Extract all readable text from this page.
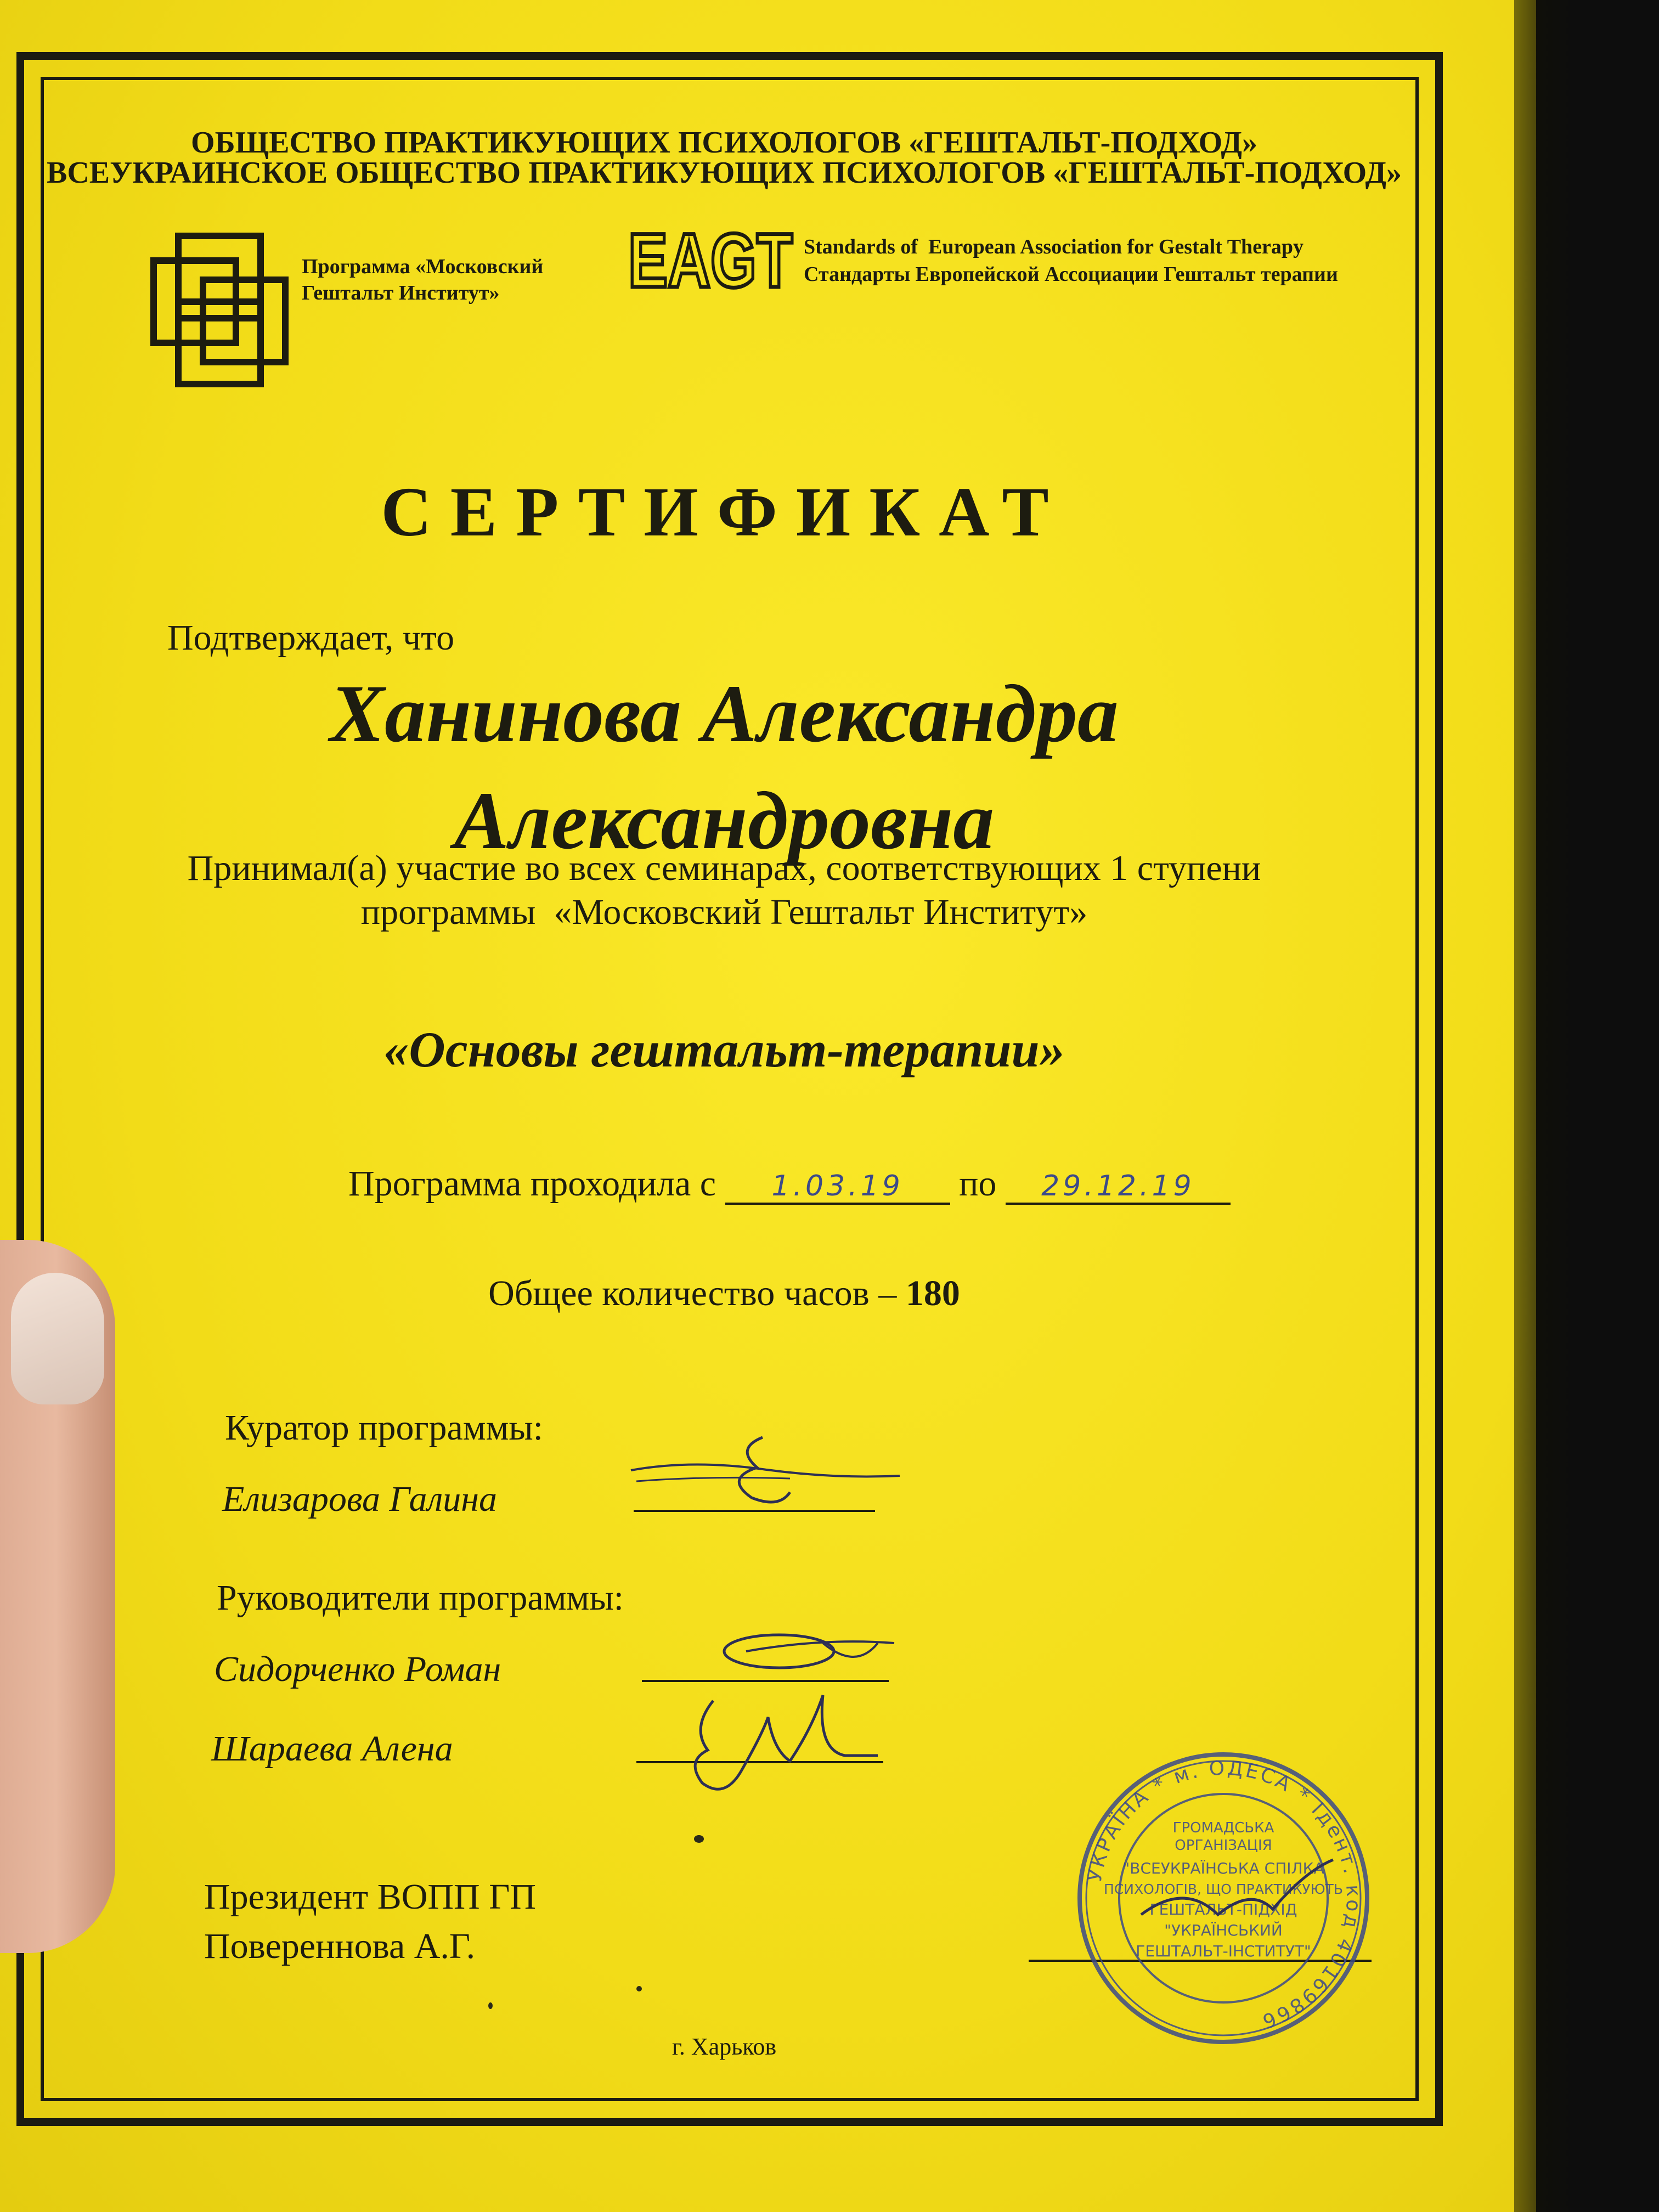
ОБЩЕСТВО ПРАКТИКУЮЩИХ ПСИХОЛОГОВ «ГЕШТАЛЬТ-ПОДХОД»
ВСЕУКРАИНСКОЕ ОБЩЕСТВО ПРАКТИКУЮЩИХ ПСИХОЛОГОВ «ГЕШТАЛЬТ-ПОДХОД»
Программа «Московский
Гештальт Институт»	EAGT Standards of  European Association for Gestalt Therapy
Стандарты Европейской Ассоциации Гештальт терапии
СЕРТИФИКАТ
Подтверждает, что
Ханинова Александра
Александровна
Принимал(а) участие во всех семинарах, соответствующих 1 ступени
программы  «Московский Гештальт Институт»
«Основы гештальт-терапии»
Программа проходила с 1.03.19 по 29.12.19
Общее количество часов – 180
Куратор программы:
Елизарова Галина
Руководители программы:
Сидорченко Роман
Шараева Алена
Президент ВОПП ГП
Повереннова А.Г.
УКРАЇНА * м. ОДЕСА * Ідент. код 40169866
ГРОМАДСЬКА
ОРГАНІЗАЦІЯ
"ВСЕУКРАЇНСЬКА СПІЛКА
ПСИХОЛОГІВ, ЩО ПРАКТИКУЮТЬ
ГЕШТАЛЬТ-ПІДХІД
"УКРАЇНСЬКИЙ
ГЕШТАЛЬТ-ІНСТИТУТ"
г. Харьков
